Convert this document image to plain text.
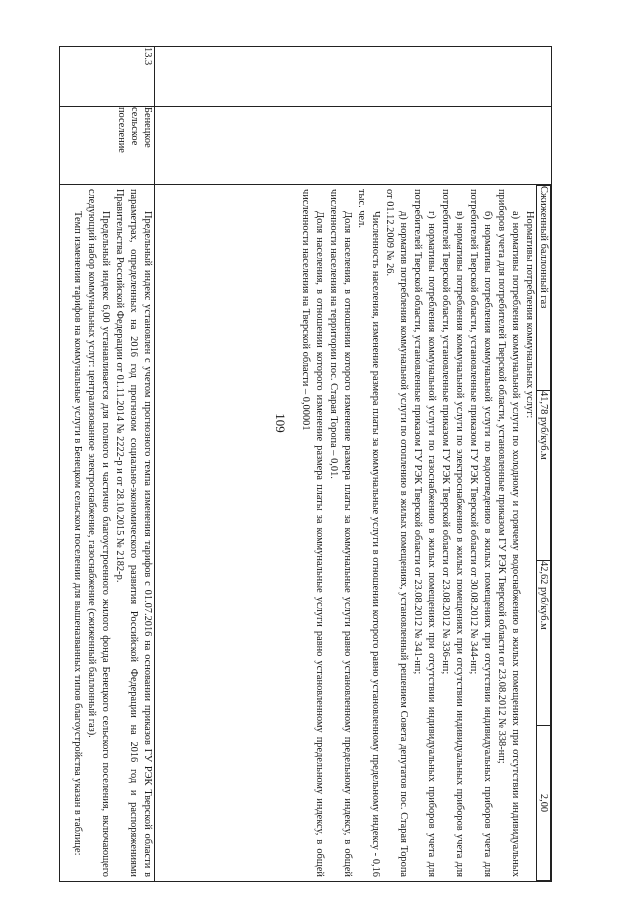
109

Сжиженный баллонный газ	41,78 руб/куб.м	42,62 руб/куб.м	2,00

Нормативы потребления коммунальных услуг:

а) нормативы потребления коммунальной услуги по холодному и горячему водоснабжению в жилых помещениях при отсутствии индивидуальных приборов учета для потребителей Тверской области, установленные приказом ГУ РЭК Тверской области от 23.08.2012 № 338-нп;

б) нормативы потребления коммунальной услуги по водоотведению в жилых помещениях при отсутствии индивидуальных приборов учета для потребителей Тверской области, установленные приказом ГУ РЭК Тверской области от 30.08.2012 № 344-нп;

в) нормативы потребления коммунальной услуги по электроснабжению в жилых помещениях при отсутствии индивидуальных приборов учета для потребителей Тверской области, установленные приказом ГУ РЭК Тверской области от 23.08.2012 № 336-нп;

г) нормативы потребления коммунальной услуги по газоснабжению в жилых помещениях при отсутствии индивидуальных приборов учета для потребителей Тверской области, установленные приказом ГУ РЭК Тверской области от 23.08.2012 № 341-нп;

д) норматив потребления коммунальной услуги по отоплению в жилых помещениях, установленный решением Совета депутатов пос. Старая Торопа от 01.12.2009 № 26.

Численность населения, изменение размера платы за коммунальные услуги в отношении которого равно установленному предельному индексу - 0,16 тыс. чел.

Доля населения, в отношении которого изменение размера платы за коммунальные услуги равно установленному предельному индексу, в общей численности населения на территории пос. Старая Торопа – 0,01.

Доля населения, в отношении которого изменение размера платы за коммунальные услуги равно установленному предельному индексу, в общей численности населения на Тверской области – 0,00001

13.3	Бенецкое сельское поселение	

Предельный индекс установлен с учетом прогнозного темпа изменения тарифов с 01.07.2016 на основании приказов ГУ РЭК Тверской области в параметрах, определенных на 2016 год прогнозом социально-экономического развития Российской Федерации на 2016 год и распоряжениями Правительства Российской Федерации от 01.11.2014 № 2222-р и от 28.10.2015 № 2182-р.

Предельный индекс 6,00 устанавливается для полного и частично благоустроенного жилого фонда Бенецкого сельского поселения, включающего следующий набор коммунальных услуг: централизованное электроснабжение, газоснабжение (сжиженный баллонный газ).

Темп изменения тарифов на коммунальные услуги в Бенецком сельском поселении для вышеназванных типов благоустройства указан в таблице:
